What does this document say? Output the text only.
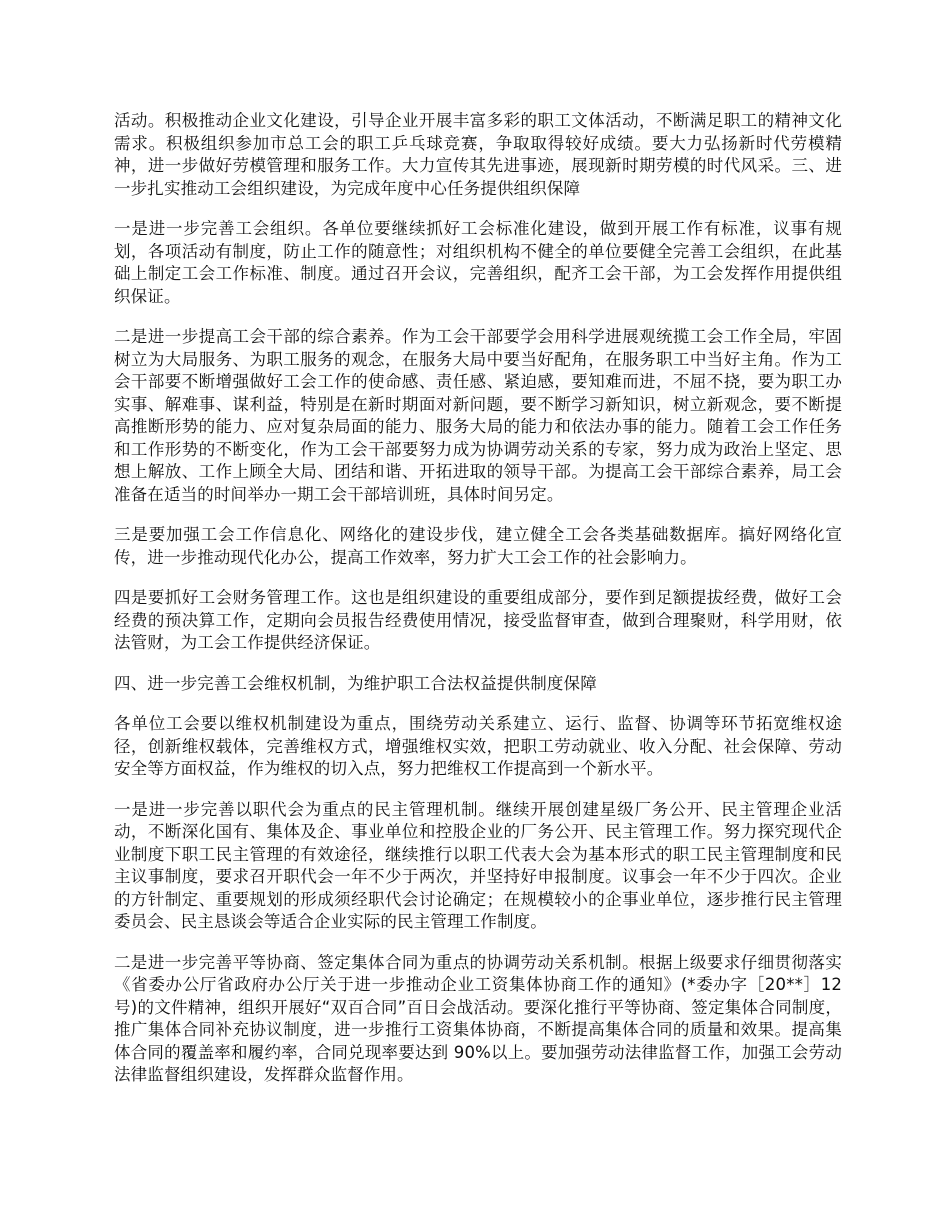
活动。积极推动企业文化建设，引导企业开展丰富多彩的职工文体活动，不断满足职工的精神文化需求。积极组织参加市总工会的职工乒乓球竞赛，争取取得较好成绩。要大力弘扬新时代劳模精神，进一步做好劳模管理和服务工作。大力宣传其先进事迹，展现新时期劳模的时代风采。三、进一步扎实推动工会组织建设，为完成年度中心任务提供组织保障

一是进一步完善工会组织。各单位要继续抓好工会标准化建设，做到开展工作有标准，议事有规划，各项活动有制度，防止工作的随意性；对组织机构不健全的单位要健全完善工会组织，在此基础上制定工会工作标准、制度。通过召开会议，完善组织，配齐工会干部，为工会发挥作用提供组织保证。

二是进一步提高工会干部的综合素养。作为工会干部要学会用科学进展观统揽工会工作全局，牢固树立为大局服务、为职工服务的观念，在服务大局中要当好配角，在服务职工中当好主角。作为工会干部要不断增强做好工会工作的使命感、责任感、紧迫感，要知难而进，不屈不挠，要为职工办实事、解难事、谋利益，特别是在新时期面对新问题，要不断学习新知识，树立新观念，要不断提高推断形势的能力、应对复杂局面的能力、服务大局的能力和依法办事的能力。随着工会工作任务和工作形势的不断变化，作为工会干部要努力成为协调劳动关系的专家，努力成为政治上坚定、思想上解放、工作上顾全大局、团结和谐、开拓进取的领导干部。为提高工会干部综合素养，局工会准备在适当的时间举办一期工会干部培训班，具体时间另定。

三是要加强工会工作信息化、网络化的建设步伐，建立健全工会各类基础数据库。搞好网络化宣传，进一步推动现代化办公，提高工作效率，努力扩大工会工作的社会影响力。

四是要抓好工会财务管理工作。这也是组织建设的重要组成部分，要作到足额提拔经费，做好工会经费的预决算工作，定期向会员报告经费使用情况，接受监督审查，做到合理聚财，科学用财，依法管财，为工会工作提供经济保证。

四、进一步完善工会维权机制，为维护职工合法权益提供制度保障

各单位工会要以维权机制建设为重点，围绕劳动关系建立、运行、监督、协调等环节拓宽维权途径，创新维权载体，完善维权方式，增强维权实效，把职工劳动就业、收入分配、社会保障、劳动安全等方面权益，作为维权的切入点，努力把维权工作提高到一个新水平。

一是进一步完善以职代会为重点的民主管理机制。继续开展创建星级厂务公开、民主管理企业活动，不断深化国有、集体及企、事业单位和控股企业的厂务公开、民主管理工作。努力探究现代企业制度下职工民主管理的有效途径，继续推行以职工代表大会为基本形式的职工民主管理制度和民主议事制度，要求召开职代会一年不少于两次，并坚持好申报制度。议事会一年不少于四次。企业的方针制定、重要规划的形成须经职代会讨论确定；在规模较小的企事业单位，逐步推行民主管理委员会、民主恳谈会等适合企业实际的民主管理工作制度。

二是进一步完善平等协商、签定集体合同为重点的协调劳动关系机制。根据上级要求仔细贯彻落实《省委办公厅省政府办公厅关于进一步推动企业工资集体协商工作的通知》(*委办字［20**］12 号)的文件精神，组织开展好“双百合同”百日会战活动。要深化推行平等协商、签定集体合同制度，推广集体合同补充协议制度，进一步推行工资集体协商，不断提高集体合同的质量和效果。提高集体合同的覆盖率和履约率，合同兑现率要达到 90%以上。要加强劳动法律监督工作，加强工会劳动法律监督组织建设，发挥群众监督作用。
